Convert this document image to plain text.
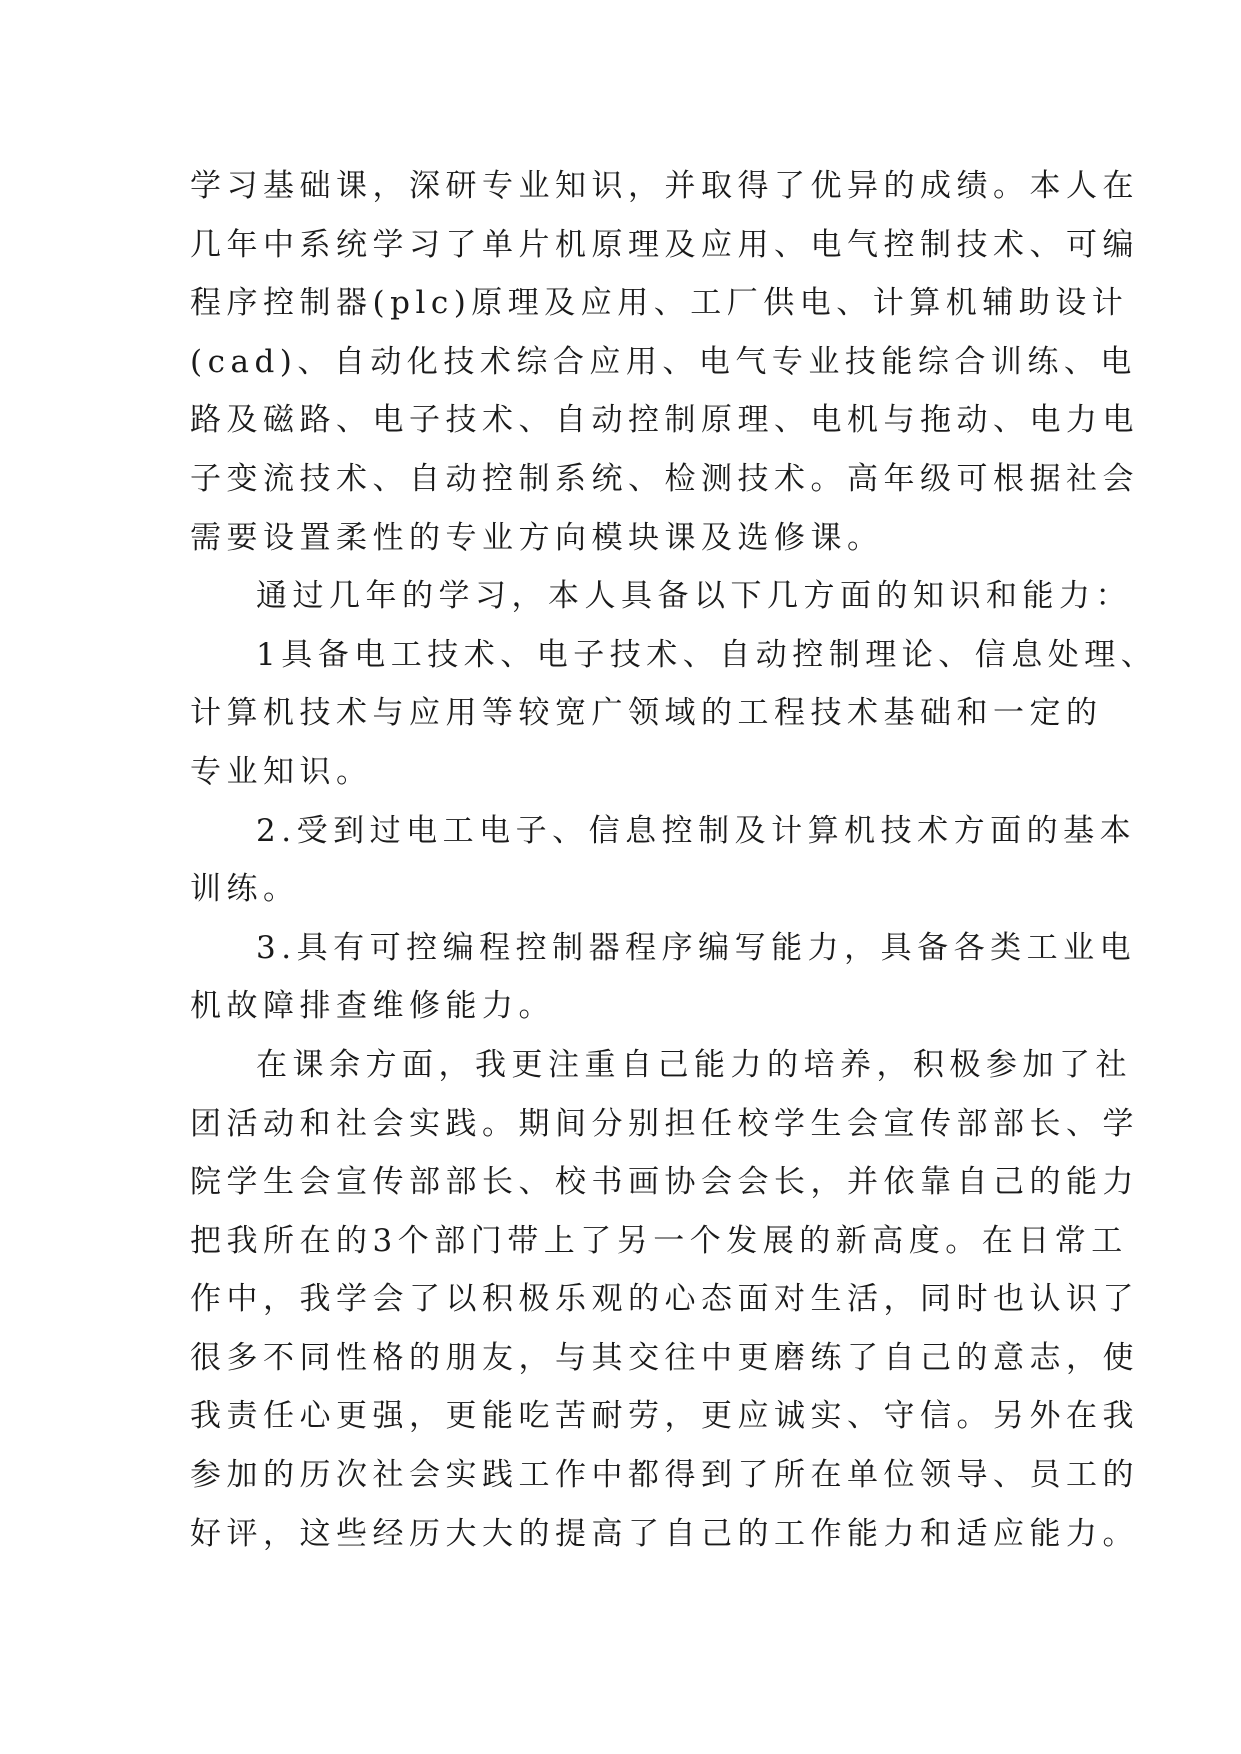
学习基础课，深研专业知识，并取得了优异的成绩。本人在
几年中系统学习了单片机原理及应用、电气控制技术、可编
程序控制器(plc)原理及应用、工厂供电、计算机辅助设计
(cad)、自动化技术综合应用、电气专业技能综合训练、电
路及磁路、电子技术、自动控制原理、电机与拖动、电力电
子变流技术、自动控制系统、检测技术。高年级可根据社会
需要设置柔性的专业方向模块课及选修课。
通过几年的学习，本人具备以下几方面的知识和能力：
1具备电工技术、电子技术、自动控制理论、信息处理、
计算机技术与应用等较宽广领域的工程技术基础和一定的
专业知识。
2.受到过电工电子、信息控制及计算机技术方面的基本
训练。
3.具有可控编程控制器程序编写能力，具备各类工业电
机故障排查维修能力。
在课余方面，我更注重自己能力的培养，积极参加了社
团活动和社会实践。期间分别担任校学生会宣传部部长、学
院学生会宣传部部长、校书画协会会长，并依靠自己的能力
把我所在的3个部门带上了另一个发展的新高度。在日常工
作中，我学会了以积极乐观的心态面对生活，同时也认识了
很多不同性格的朋友，与其交往中更磨练了自己的意志，使
我责任心更强，更能吃苦耐劳，更应诚实、守信。另外在我
参加的历次社会实践工作中都得到了所在单位领导、员工的
好评，这些经历大大的提高了自己的工作能力和适应能力。
